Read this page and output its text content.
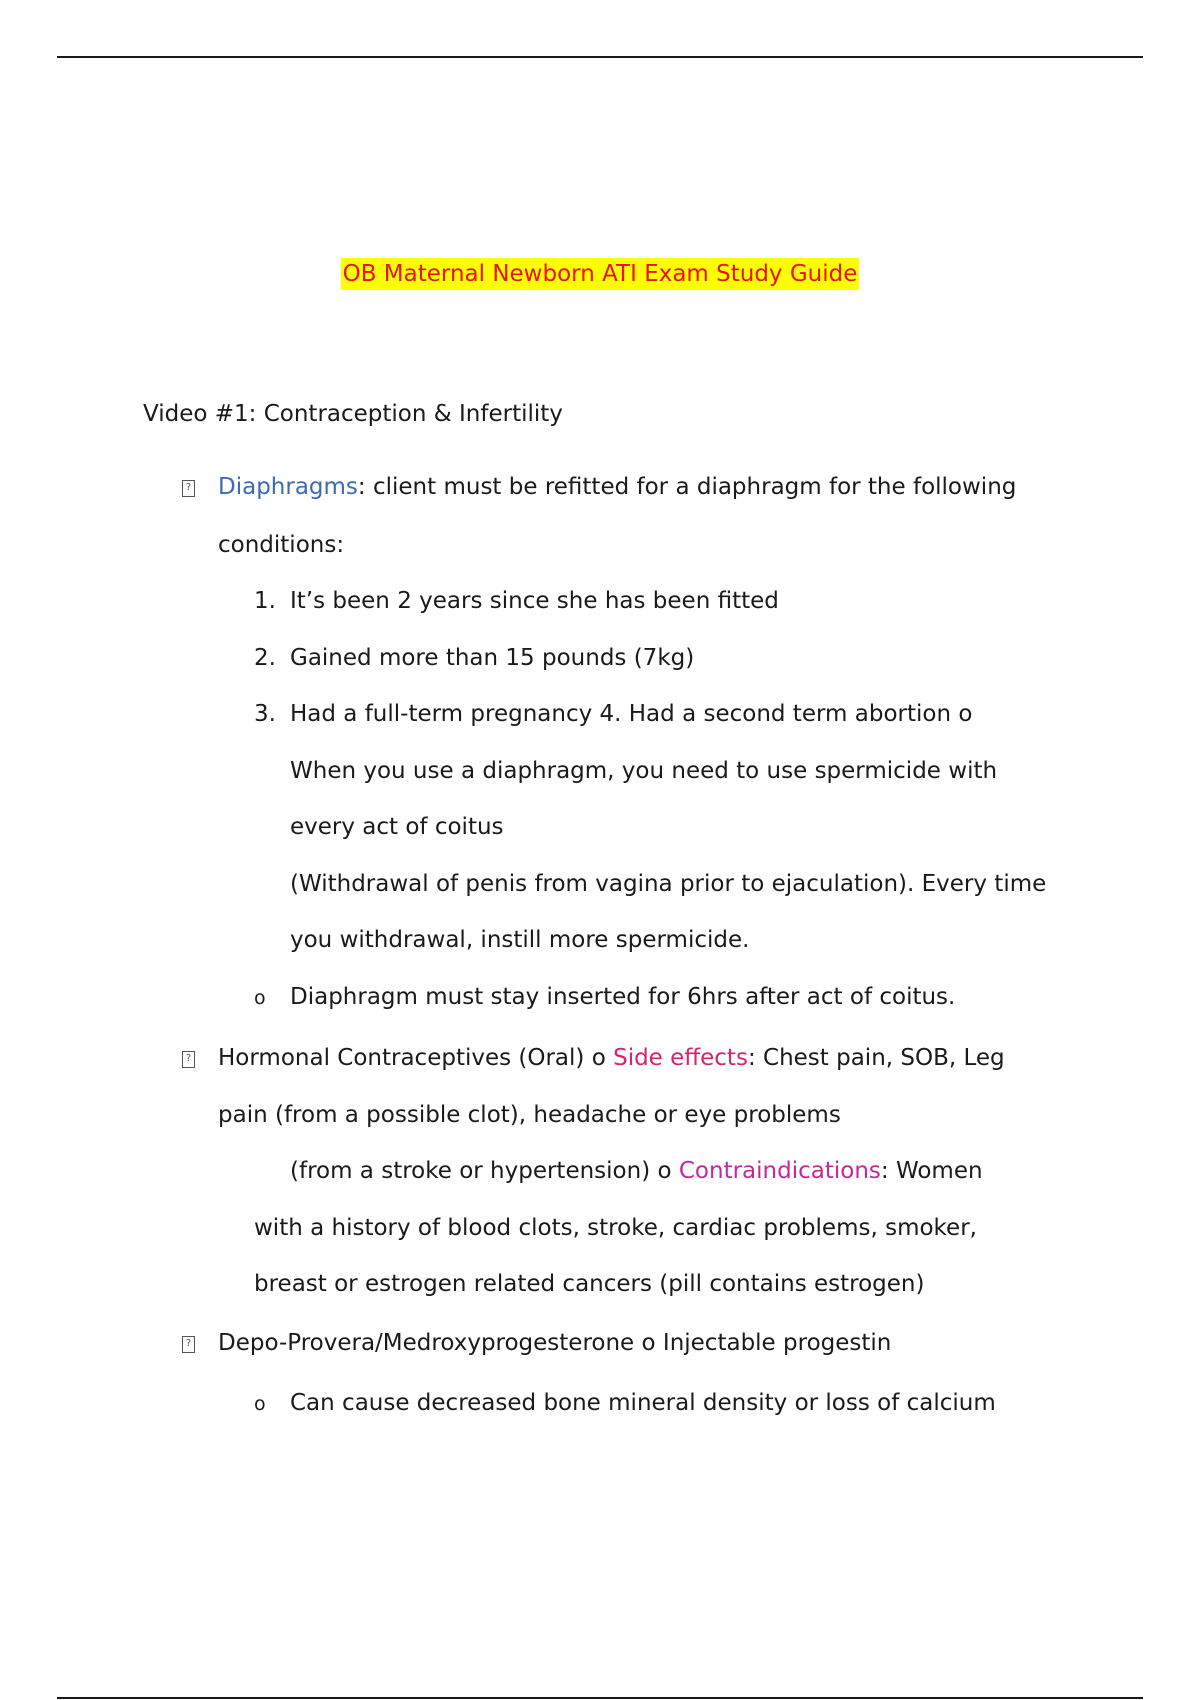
OB Maternal Newborn ATI Exam Study Guide
Video #1: Contraception & Infertility
? Diaphragms: client must be refitted for a diaphragm for the following
conditions:
1. It’s been 2 years since she has been fitted
2. Gained more than 15 pounds (7kg)
3. Had a full-term pregnancy 4. Had a second term abortion o
When you use a diaphragm, you need to use spermicide with
every act of coitus
(Withdrawal of penis from vagina prior to ejaculation). Every time
you withdrawal, instill more spermicide.
o Diaphragm must stay inserted for 6hrs after act of coitus.
? Hormonal Contraceptives (Oral) o Side effects: Chest pain, SOB, Leg
pain (from a possible clot), headache or eye problems
(from a stroke or hypertension) o Contraindications: Women
with a history of blood clots, stroke, cardiac problems, smoker,
breast or estrogen related cancers (pill contains estrogen)
? Depo-Provera/Medroxyprogesterone o Injectable progestin
o Can cause decreased bone mineral density or loss of calcium
